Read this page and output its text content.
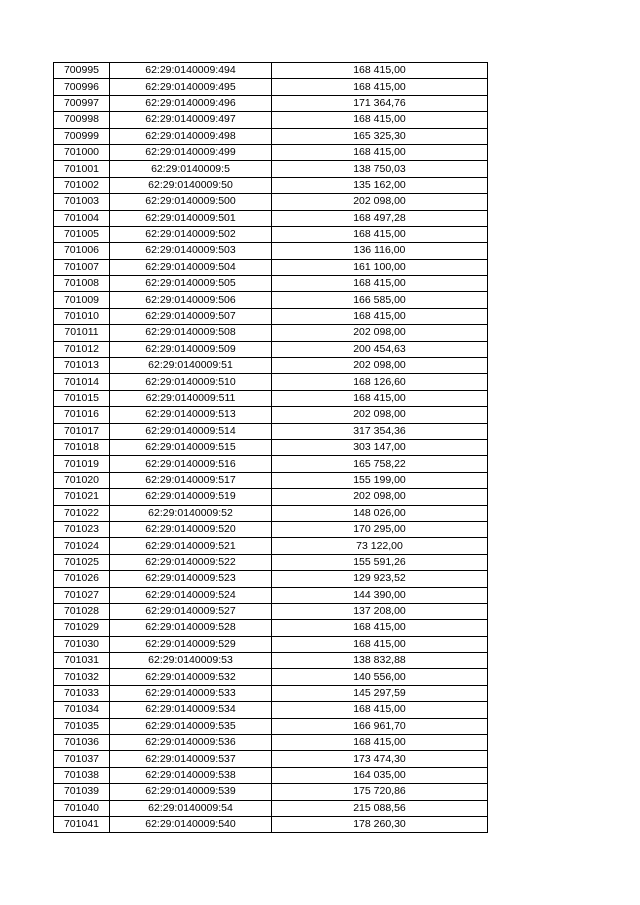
700995	62:29:0140009:494	168 415,00
700996	62:29:0140009:495	168 415,00
700997	62:29:0140009:496	171 364,76
700998	62:29:0140009:497	168 415,00
700999	62:29:0140009:498	165 325,30
701000	62:29:0140009:499	168 415,00
701001	62:29:0140009:5	138 750,03
701002	62:29:0140009:50	135 162,00
701003	62:29:0140009:500	202 098,00
701004	62:29:0140009:501	168 497,28
701005	62:29:0140009:502	168 415,00
701006	62:29:0140009:503	136 116,00
701007	62:29:0140009:504	161 100,00
701008	62:29:0140009:505	168 415,00
701009	62:29:0140009:506	166 585,00
701010	62:29:0140009:507	168 415,00
701011	62:29:0140009:508	202 098,00
701012	62:29:0140009:509	200 454,63
701013	62:29:0140009:51	202 098,00
701014	62:29:0140009:510	168 126,60
701015	62:29:0140009:511	168 415,00
701016	62:29:0140009:513	202 098,00
701017	62:29:0140009:514	317 354,36
701018	62:29:0140009:515	303 147,00
701019	62:29:0140009:516	165 758,22
701020	62:29:0140009:517	155 199,00
701021	62:29:0140009:519	202 098,00
701022	62:29:0140009:52	148 026,00
701023	62:29:0140009:520	170 295,00
701024	62:29:0140009:521	73 122,00
701025	62:29:0140009:522	155 591,26
701026	62:29:0140009:523	129 923,52
701027	62:29:0140009:524	144 390,00
701028	62:29:0140009:527	137 208,00
701029	62:29:0140009:528	168 415,00
701030	62:29:0140009:529	168 415,00
701031	62:29:0140009:53	138 832,88
701032	62:29:0140009:532	140 556,00
701033	62:29:0140009:533	145 297,59
701034	62:29:0140009:534	168 415,00
701035	62:29:0140009:535	166 961,70
701036	62:29:0140009:536	168 415,00
701037	62:29:0140009:537	173 474,30
701038	62:29:0140009:538	164 035,00
701039	62:29:0140009:539	175 720,86
701040	62:29:0140009:54	215 088,56
701041	62:29:0140009:540	178 260,30
